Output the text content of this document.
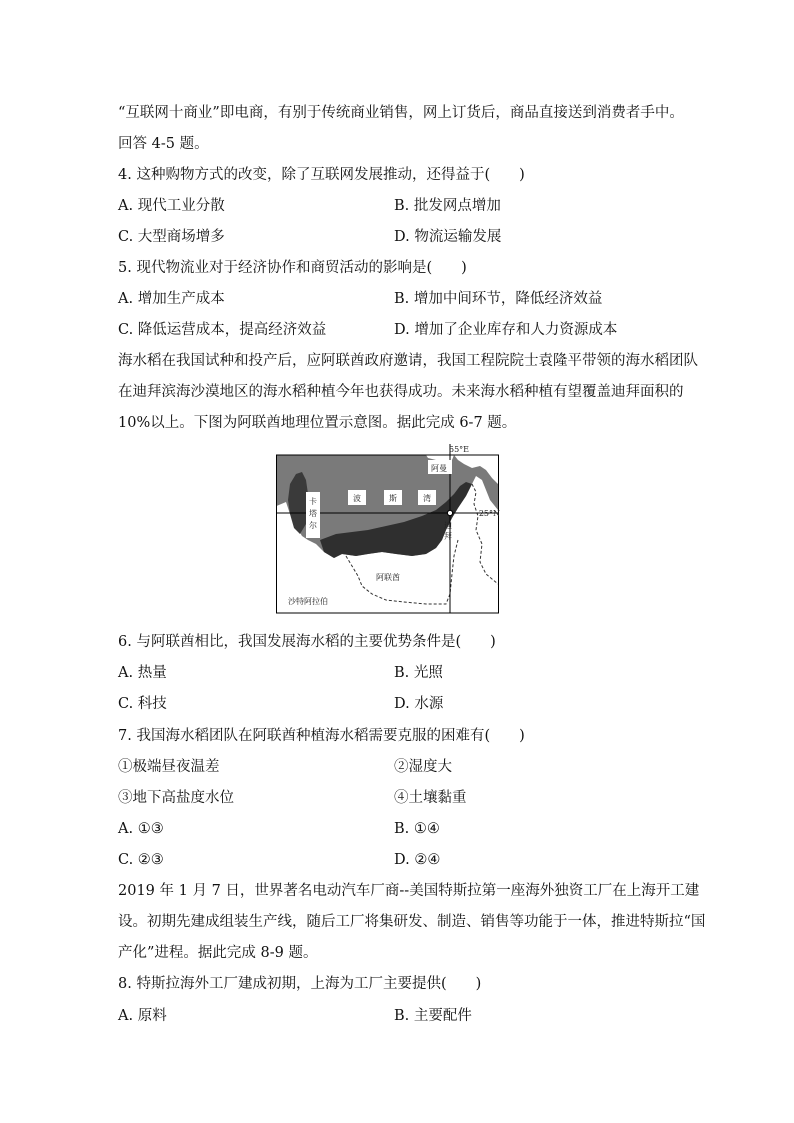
“互联网十商业”即电商，有别于传统商业销售，网上订货后，商品直接送到消费者手中。
回答 4-5 题。
4. 这种购物方式的改变，除了互联网发展推动，还得益于(　　)
A. 现代工业分散	B. 批发网点增加
C. 大型商场增多	D. 物流运输发展
5. 现代物流业对于经济协作和商贸活动的影响是(　　)
A. 增加生产成本	B. 增加中间环节，降低经济效益
C. 降低运营成本，提高经济效益	D. 增加了企业库存和人力资源成本
海水稻在我国试种和投产后，应阿联酋政府邀请，我国工程院院士袁隆平带领的海水稻团队
在迪拜滨海沙漠地区的海水稻种植今年也获得成功。未来海水稻种植有望覆盖迪拜面积的
10%以上。下图为阿联酋地理位置示意图。据此完成 6-7 题。
55°E
25°N
阿曼
卡
塔
尔
波	斯	湾
迪
拜
阿联酋
沙特阿拉伯
6. 与阿联酋相比，我国发展海水稻的主要优势条件是(　　)
A. 热量	B. 光照
C. 科技	D. 水源
7. 我国海水稻团队在阿联酋种植海水稻需要克服的困难有(　　)
①极端昼夜温差	②湿度大
③地下高盐度水位	④土壤黏重
A. ①③	B. ①④
C. ②③	D. ②④
2019 年 1 月 7 日，世界著名电动汽车厂商--美国特斯拉第一座海外独资工厂在上海开工建
设。初期先建成组装生产线，随后工厂将集研发、制造、销售等功能于一体，推进特斯拉“国
产化”进程。据此完成 8-9 题。
8. 特斯拉海外工厂建成初期，上海为工厂主要提供(　　)
A. 原料	B. 主要配件
